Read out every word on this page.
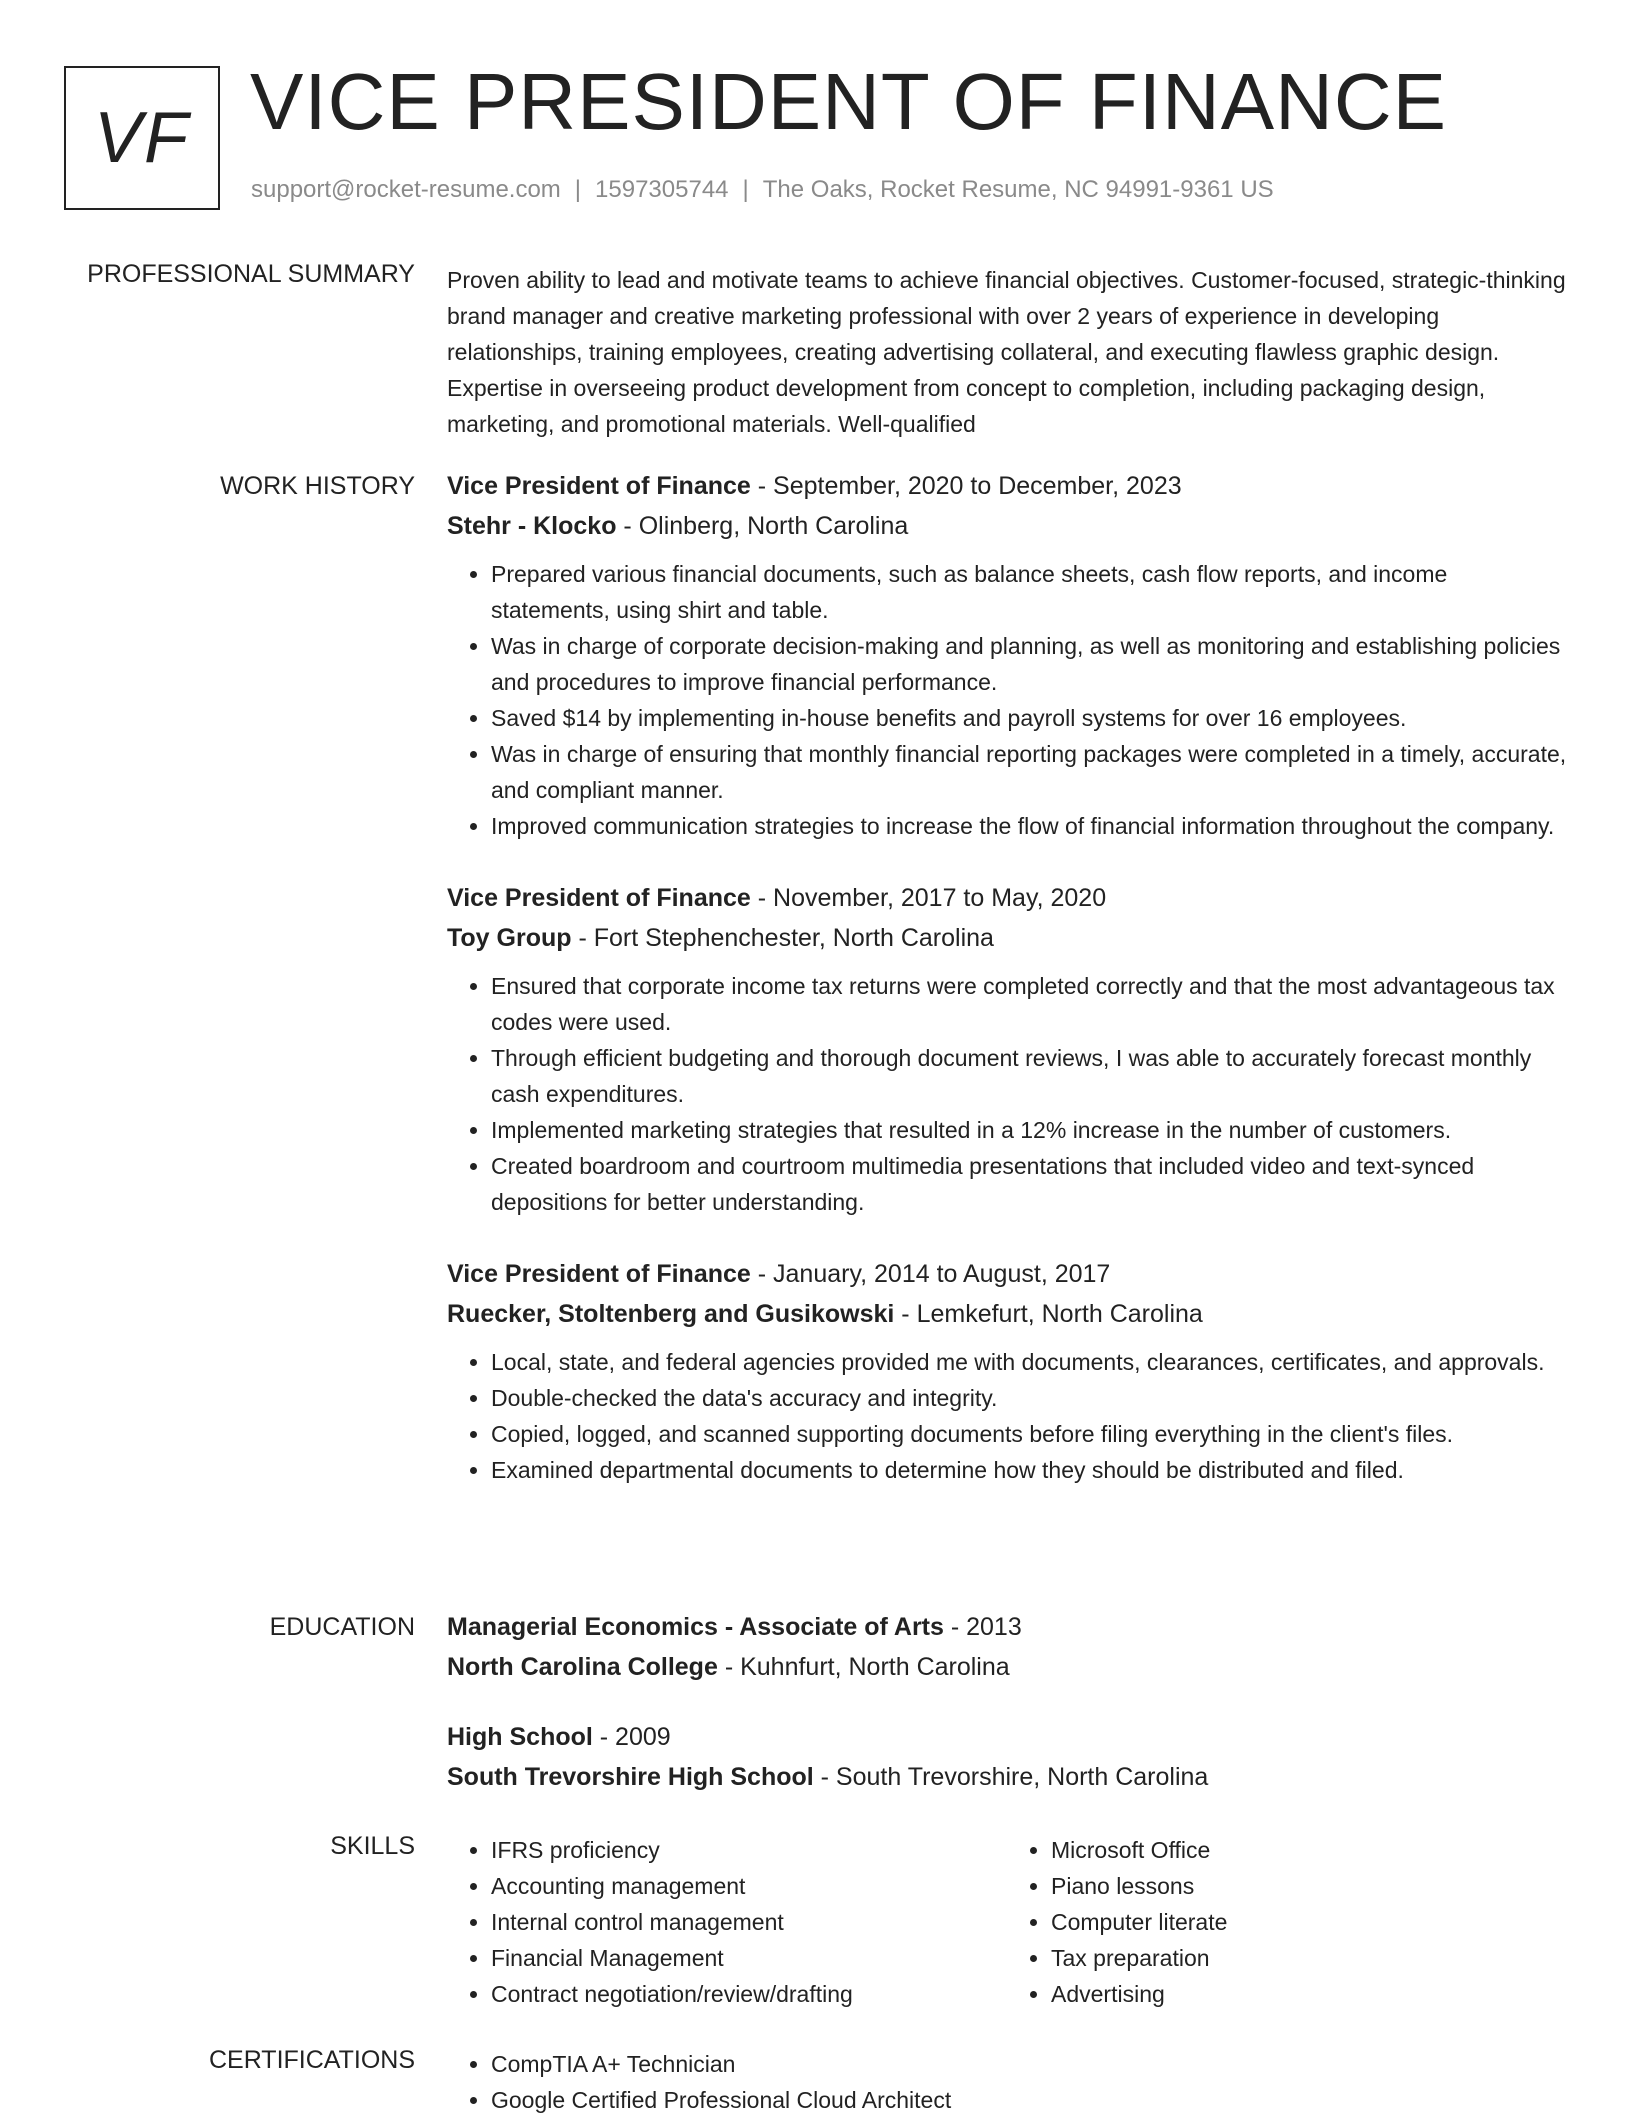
VF VICE PRESIDENT OF FINANCE
support@rocket-resume.com | 1597305744 | The Oaks, Rocket Resume, NC 94991-9361 US
PROFESSIONAL SUMMARY Proven ability to lead and motivate teams to achieve financial objectives. Customer-focused, strategic-thinking brand manager and creative marketing professional with over 2 years of experience in developing relationships, training employees, creating advertising collateral, and executing flawless graphic design. Expertise in overseeing product development from concept to completion, including packaging design, marketing, and promotional materials. Well-qualified

WORK HISTORY Vice President of Finance - September, 2020 to December, 2023

Stehr - Klocko - Olinberg, North Carolina

• Prepared various financial documents, such as balance sheets, cash flow reports, and income statements, using shirt and table.
• Was in charge of corporate decision-making and planning, as well as monitoring and establishing policies and procedures to improve financial performance.
• Saved $14 by implementing in-house benefits and payroll systems for over 16 employees.
• Was in charge of ensuring that monthly financial reporting packages were completed in a timely, accurate, and compliant manner.
• Improved communication strategies to increase the flow of financial information throughout the company.

Vice President of Finance - November, 2017 to May, 2020

Toy Group - Fort Stephenchester, North Carolina

• Ensured that corporate income tax returns were completed correctly and that the most advantageous tax codes were used.
• Through efficient budgeting and thorough document reviews, I was able to accurately forecast monthly cash expenditures.
• Implemented marketing strategies that resulted in a 12% increase in the number of customers.
• Created boardroom and courtroom multimedia presentations that included video and text-synced depositions for better understanding.

Vice President of Finance - January, 2014 to August, 2017

Ruecker, Stoltenberg and Gusikowski - Lemkefurt, North Carolina

• Local, state, and federal agencies provided me with documents, clearances, certificates, and approvals.
• Double-checked the data's accuracy and integrity.
• Copied, logged, and scanned supporting documents before filing everything in the client's files.
• Examined departmental documents to determine how they should be distributed and filed.
EDUCATION Managerial Economics - Associate of Arts - 2013

North Carolina College - Kuhnfurt, North Carolina

High School - 2009

South Trevorshire High School - South Trevorshire, North Carolina

SKILLS	• IFRS proficiency
• Accounting management
• Internal control management
• Financial Management
• Contract negotiation/review/drafting
• Microsoft Office
• Piano lessons
• Computer literate
• Tax preparation
• Advertising
CERTIFICATIONS	• CompTIA A+ Technician
• Google Certified Professional Cloud Architect
